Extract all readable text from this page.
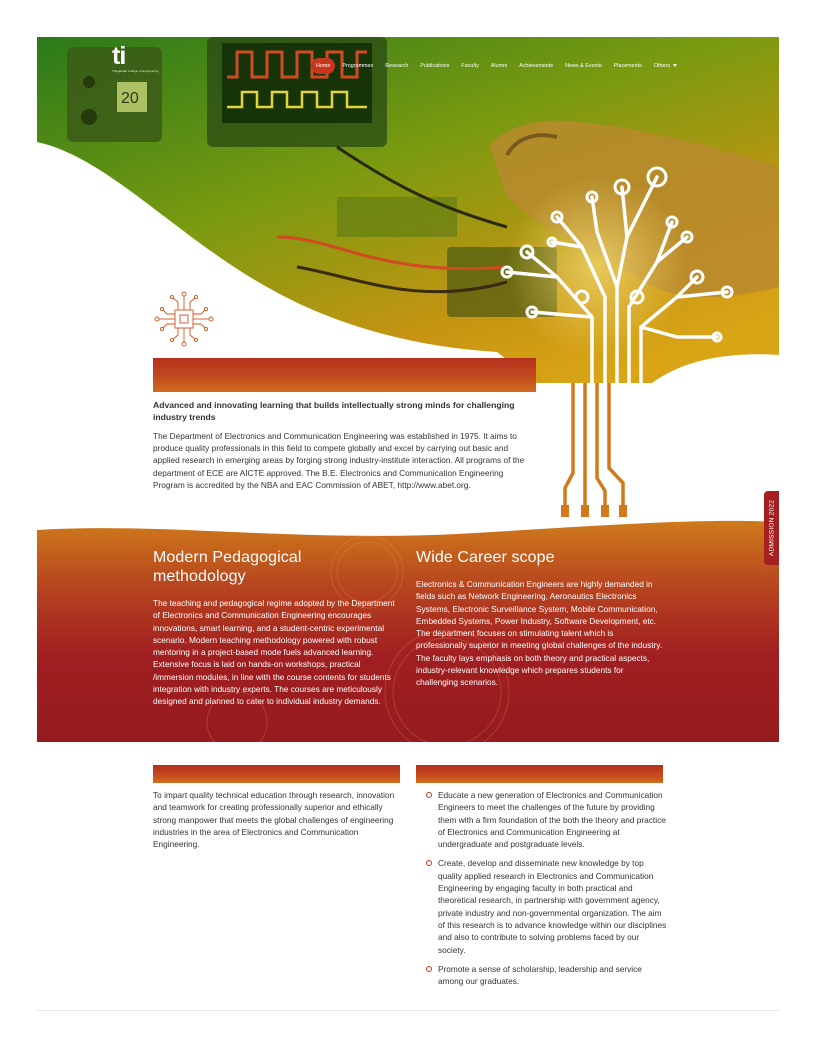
20
ti
Thiagarajar College of Engineering
Home	Programmes	Research	Publications	Faculty	Alumni	Achievements	News & Events	Placements	Others
Advanced and innovating learning that builds intellectually strong minds for challenging industry trends

The Department of Electronics and Communication Engineering was established in 1975. It aims to produce quality professionals in this field to compete globally and excel by carrying out basic and applied research in emerging areas by forging strong industry-institute interaction. All programs of the department of ECE are AICTE approved. The B.E. Electronics and Communication Engineering Program is accredited by the NBA and EAC Commission of ABET, http://www.abet.org.

Modern Pedagogical methodology

The teaching and pedagogical regime adopted by the Department of Electronics and Communication Engineering encourages innovations, smart learning, and a student-centric experimental scenario. Modern teaching methodology powered with robust mentoring in a project-based mode fuels advanced learning. Extensive focus is laid on hands-on workshops, practical /immersion modules, in line with the course contents for students integration with industry experts. The courses are meticulously designed and planned to cater to individual industry demands.

Wide Career scope

Electronics & Communication Engineers are highly demanded in fields such as Network Engineering, Aeronautics Electronics Systems, Electronic Surveillance System, Mobile Communication, Embedded Systems, Power Industry, Software Development, etc. The department focuses on stimulating talent which is professionally superior in meeting global challenges of the industry. The faculty lays emphasis on both theory and practical aspects, industry-relevant knowledge which prepares students for challenging scenarios.

ADMISSION 2022

To impart quality technical education through research, innovation and teamwork for creating professionally superior and ethically strong manpower that meets the global challenges of engineering industries in the area of Electronics and Communication Engineering.

Educate a new generation of Electronics and Communication Engineers to meet the challenges of the future by providing them with a firm foundation of the both the theory and practice of Electronics and Communication Engineering at undergraduate and postgraduate levels.
Create, develop and disseminate new knowledge by top quality applied research in Electronics and Communication Engineering by engaging faculty in both practical and theoretical research, in partnership with government agency, private industry and non-governmental organization. The aim of this research is to advance knowledge within our disciplines and also to contribute to solving problems faced by our society.
Promote a sense of scholarship, leadership and service among our graduates.
